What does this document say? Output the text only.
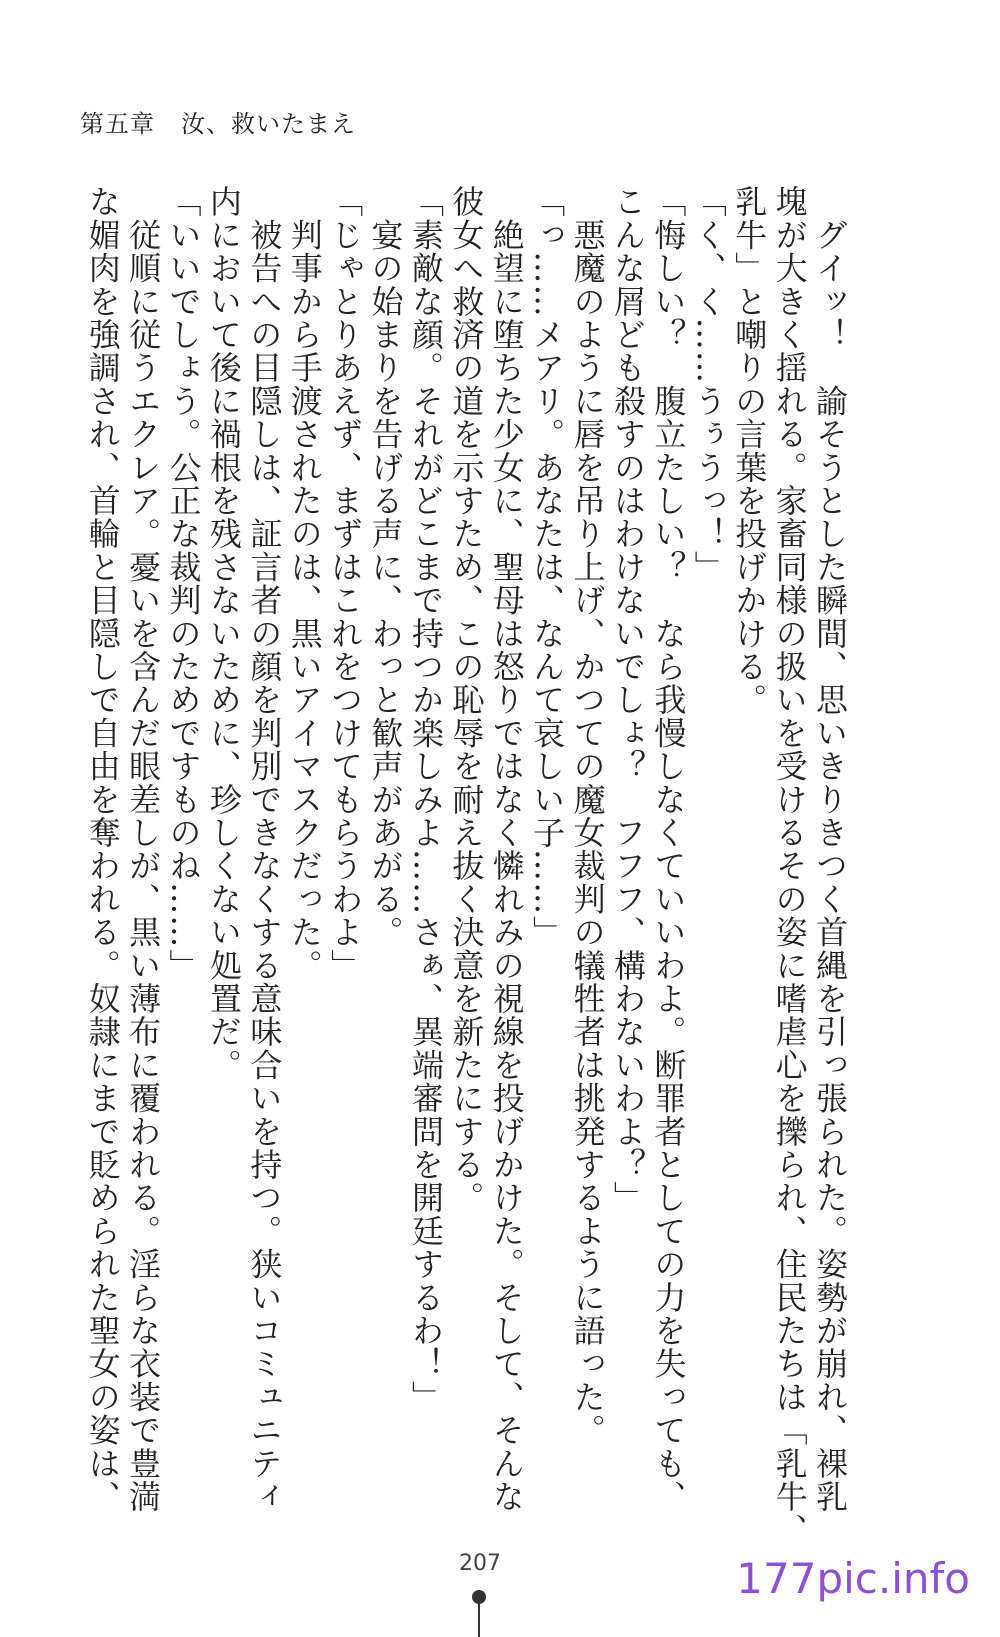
第五章 汝、救いたまえ
　グイッ！　諭そうとした瞬間、思いきりきつく首縄を引っ張られた。姿勢が崩れ、裸乳
塊が大きく揺れる。家畜同様の扱いを受けるその姿に嗜虐心を擽られ、住民たちは「乳牛、
乳牛」と嘲りの言葉を投げかける。
「く、く……うぅうっ！」
「悔しい？　腹立たしい？　なら我慢しなくていいわよ。断罪者としての力を失っても、
こんな屑ども殺すのはわけないでしょ？　フフフ、構わないわよ？」
　悪魔のように唇を吊り上げ、かつての魔女裁判の犠牲者は挑発するように語った。
「っ……メアリ。あなたは、なんて哀しい子……」
　絶望に堕ちた少女に、聖母は怒りではなく憐れみの視線を投げかけた。そして、そんな
彼女へ救済の道を示すため、この恥辱を耐え抜く決意を新たにする。
「素敵な顔。それがどこまで持つか楽しみよ……さぁ、異端審問を開廷するわ！」
　宴の始まりを告げる声に、わっと歓声があがる。
「じゃとりあえず、まずはこれをつけてもらうわよ」
　判事から手渡されたのは、黒いアイマスクだった。
　被告への目隠しは、証言者の顔を判別できなくする意味合いを持つ。狭いコミュニティ
内において後に禍根を残さないために、珍しくない処置だ。
「いいでしょう。公正な裁判のためですものね……」
　従順に従うエクレア。憂いを含んだ眼差しが、黒い薄布に覆われる。淫らな衣装で豊満
な媚肉を強調され、首輪と目隠しで自由を奪われる。奴隷にまで貶められた聖女の姿は、
207	177pic.info
